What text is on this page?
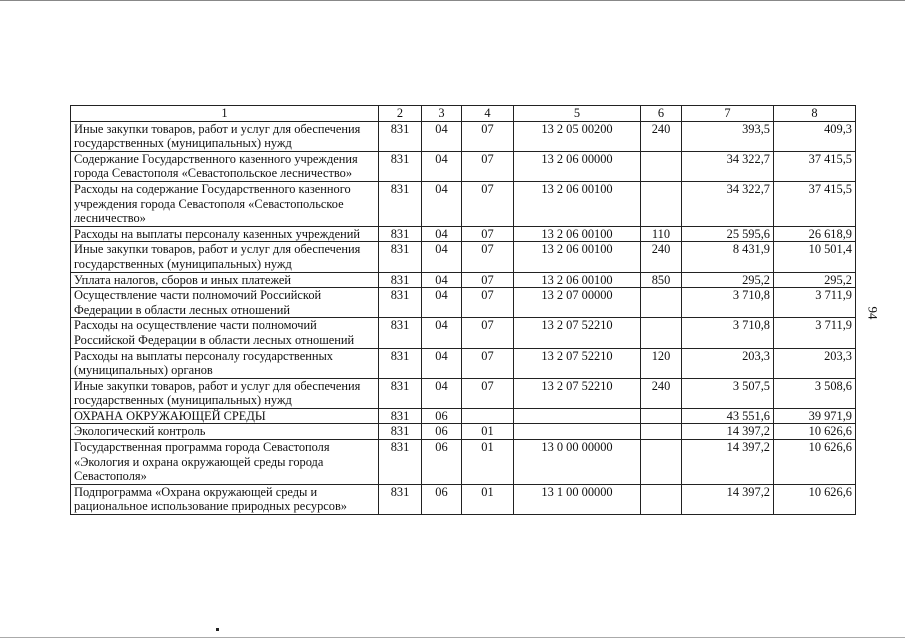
1	2	3	4	5	6	7	8
Иные закупки товаров, работ и услуг для обеспечения государственных (муниципальных) нужд	831	04	07	13 2 05 00200	240	393,5	409,3
Содержание Государственного казенного учреждения города Севастополя «Севастопольское лесничество»	831	04	07	13 2 06 00000		34 322,7	37 415,5
Расходы на содержание Государственного казенного учреждения города Севастополя «Севастопольское лесничество»	831	04	07	13 2 06 00100		34 322,7	37 415,5
Расходы на выплаты персоналу казенных учреждений	831	04	07	13 2 06 00100	110	25 595,6	26 618,9
Иные закупки товаров, работ и услуг для обеспечения государственных (муниципальных) нужд	831	04	07	13 2 06 00100	240	8 431,9	10 501,4
Уплата налогов, сборов и иных платежей	831	04	07	13 2 06 00100	850	295,2	295,2
Осуществление части полномочий Российской Федерации в области лесных отношений	831	04	07	13 2 07 00000		3 710,8	3 711,9
Расходы на осуществление части полномочий Российской Федерации в области лесных отношений	831	04	07	13 2 07 52210		3 710,8	3 711,9
Расходы на выплаты персоналу государственных (муниципальных) органов	831	04	07	13 2 07 52210	120	203,3	203,3
Иные закупки товаров, работ и услуг для обеспечения государственных (муниципальных) нужд	831	04	07	13 2 07 52210	240	3 507,5	3 508,6
ОХРАНА ОКРУЖАЮЩЕЙ СРЕДЫ	831	06				43 551,6	39 971,9
Экологический контроль	831	06	01			14 397,2	10 626,6
Государственная программа города Севастополя «Экология и охрана окружающей среды города Севастополя»	831	06	01	13 0 00 00000		14 397,2	10 626,6
Подпрограмма «Охрана окружающей среды и рациональное использование природных ресурсов»	831	06	01	13 1 00 00000		14 397,2	10 626,6
94
